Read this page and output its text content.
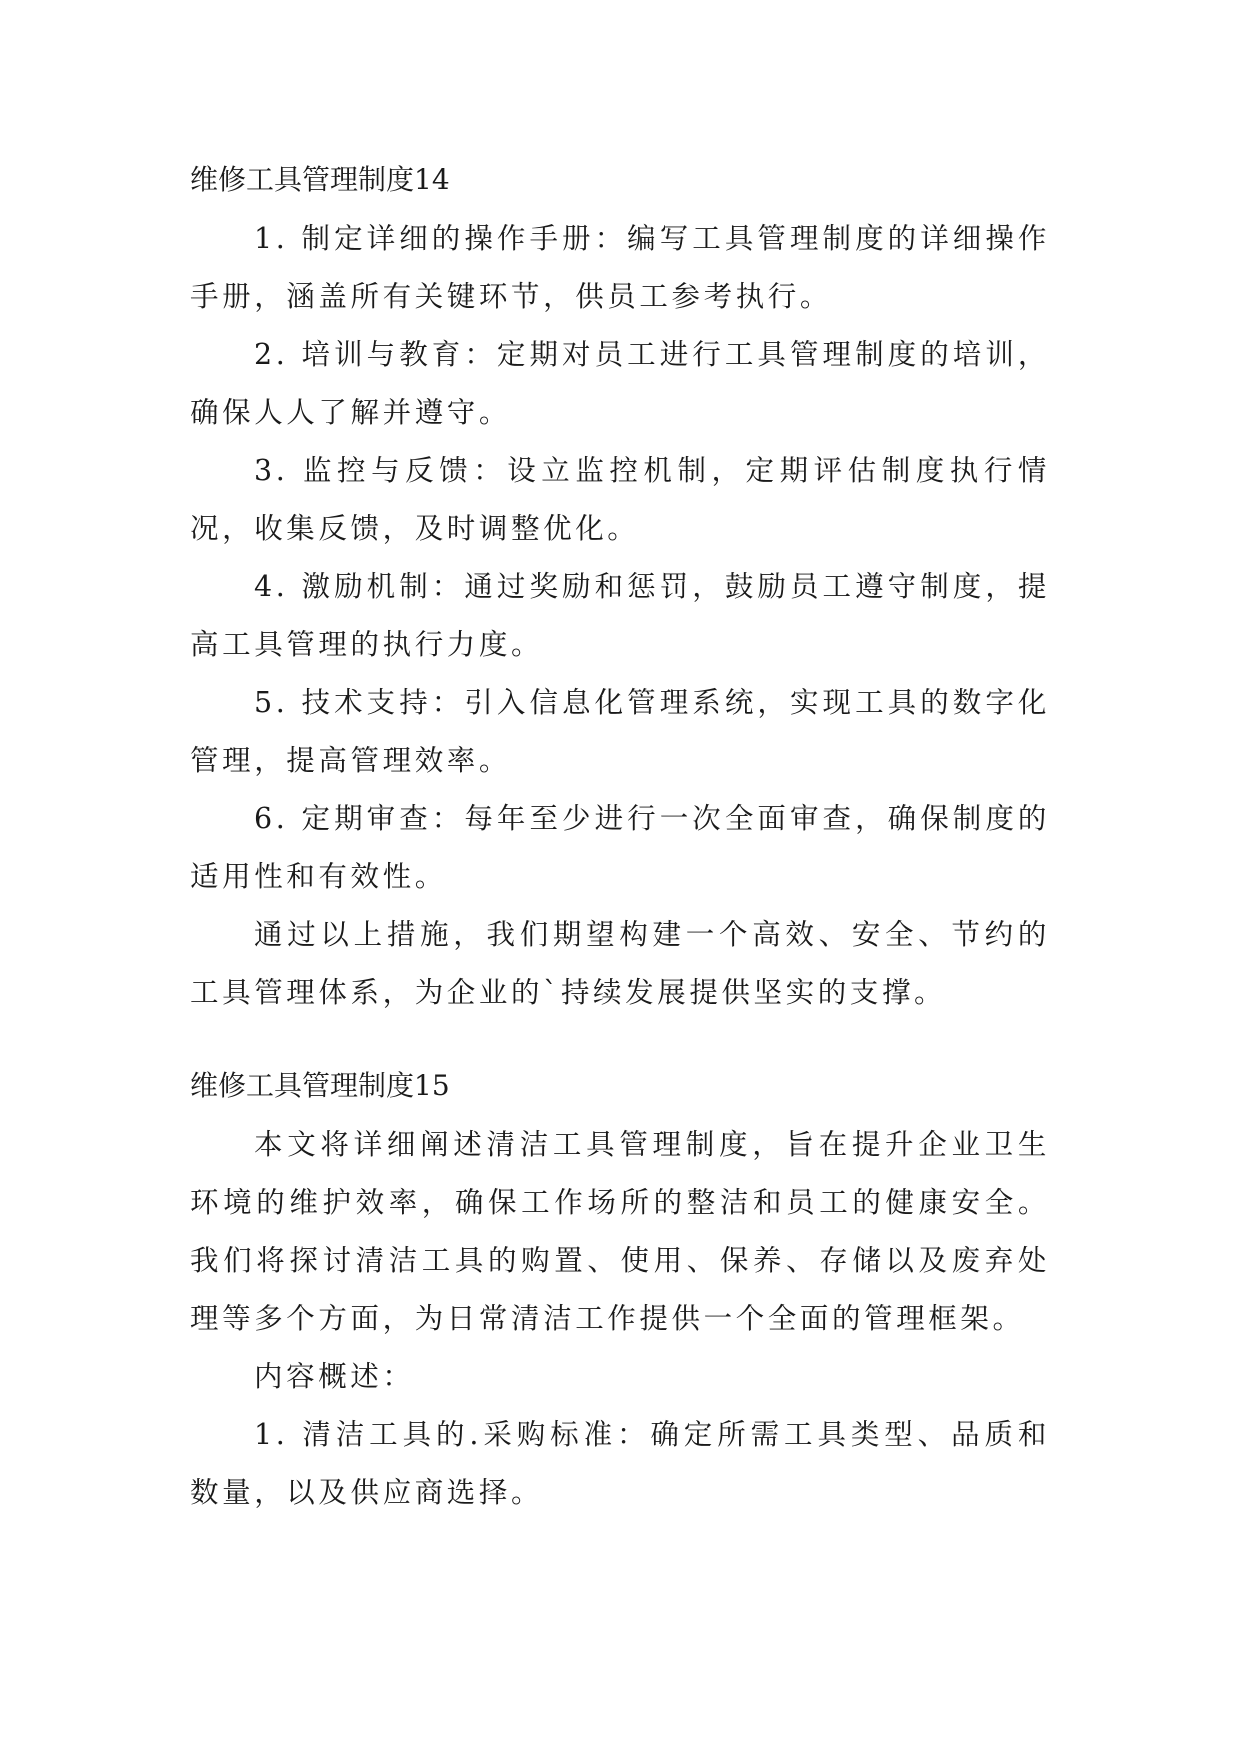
维修工具管理制度14

1. 制定详细的操作手册：编写工具管理制度的详细操作手册，涵盖所有关键环节，供员工参考执行。

2. 培训与教育：定期对员工进行工具管理制度的培训，确保人人了解并遵守。

3. 监控与反馈：设立监控机制，定期评估制度执行情况，收集反馈，及时调整优化。

4. 激励机制：通过奖励和惩罚，鼓励员工遵守制度，提高工具管理的执行力度。

5. 技术支持：引入信息化管理系统，实现工具的数字化管理，提高管理效率。

6. 定期审查：每年至少进行一次全面审查，确保制度的适用性和有效性。

通过以上措施，我们期望构建一个高效、安全、节约的工具管理体系，为企业的`持续发展提供坚实的支撑。

维修工具管理制度15

本文将详细阐述清洁工具管理制度，旨在提升企业卫生环境的维护效率，确保工作场所的整洁和员工的健康安全。我们将探讨清洁工具的购置、使用、保养、存储以及废弃处理等多个方面，为日常清洁工作提供一个全面的管理框架。

内容概述：

1. 清洁工具的.采购标准：确定所需工具类型、品质和数量，以及供应商选择。
